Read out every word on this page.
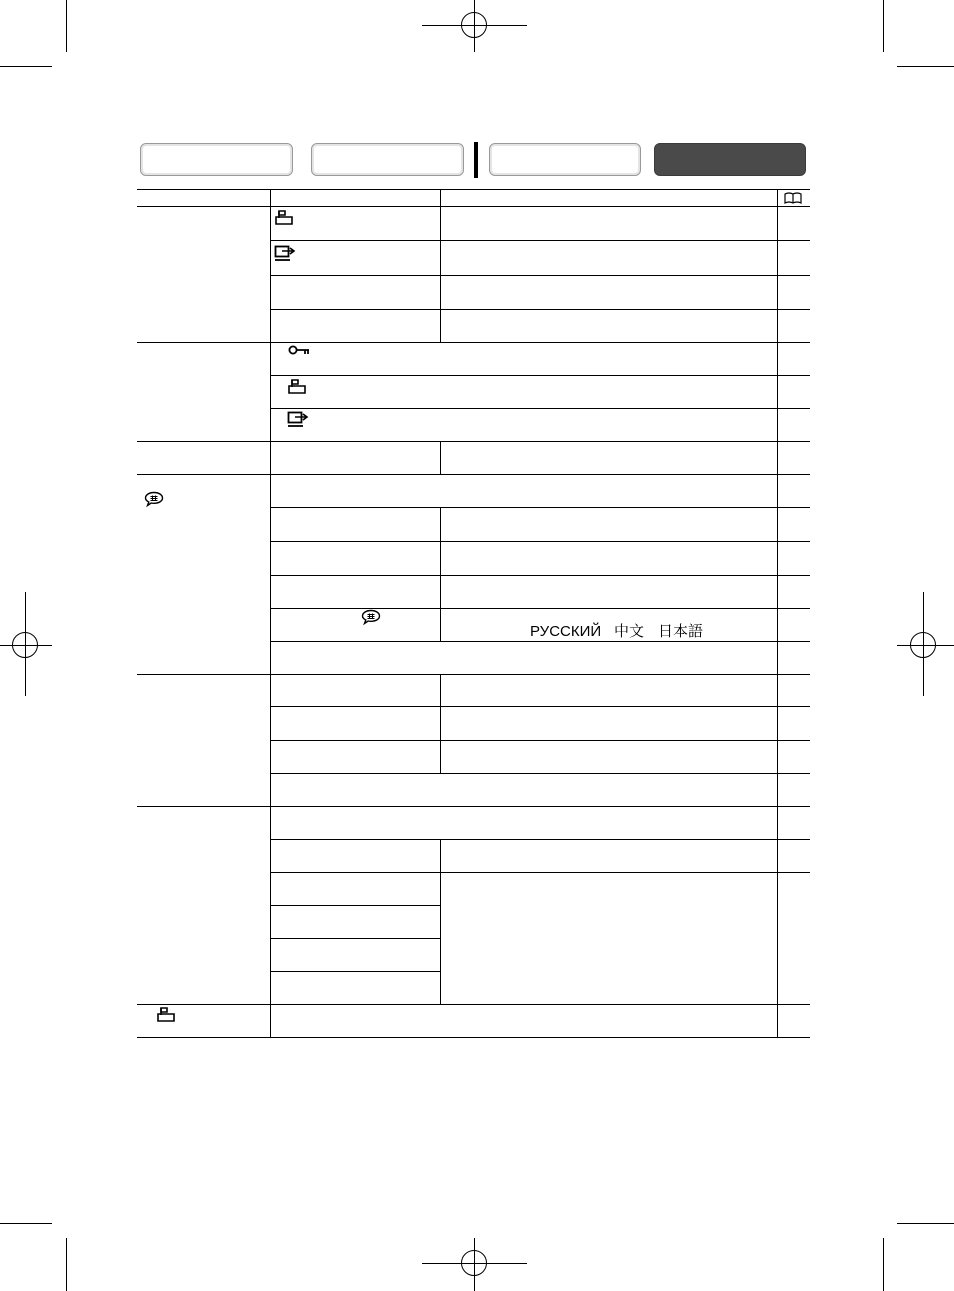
РУССКИЙ 中文 日本語
